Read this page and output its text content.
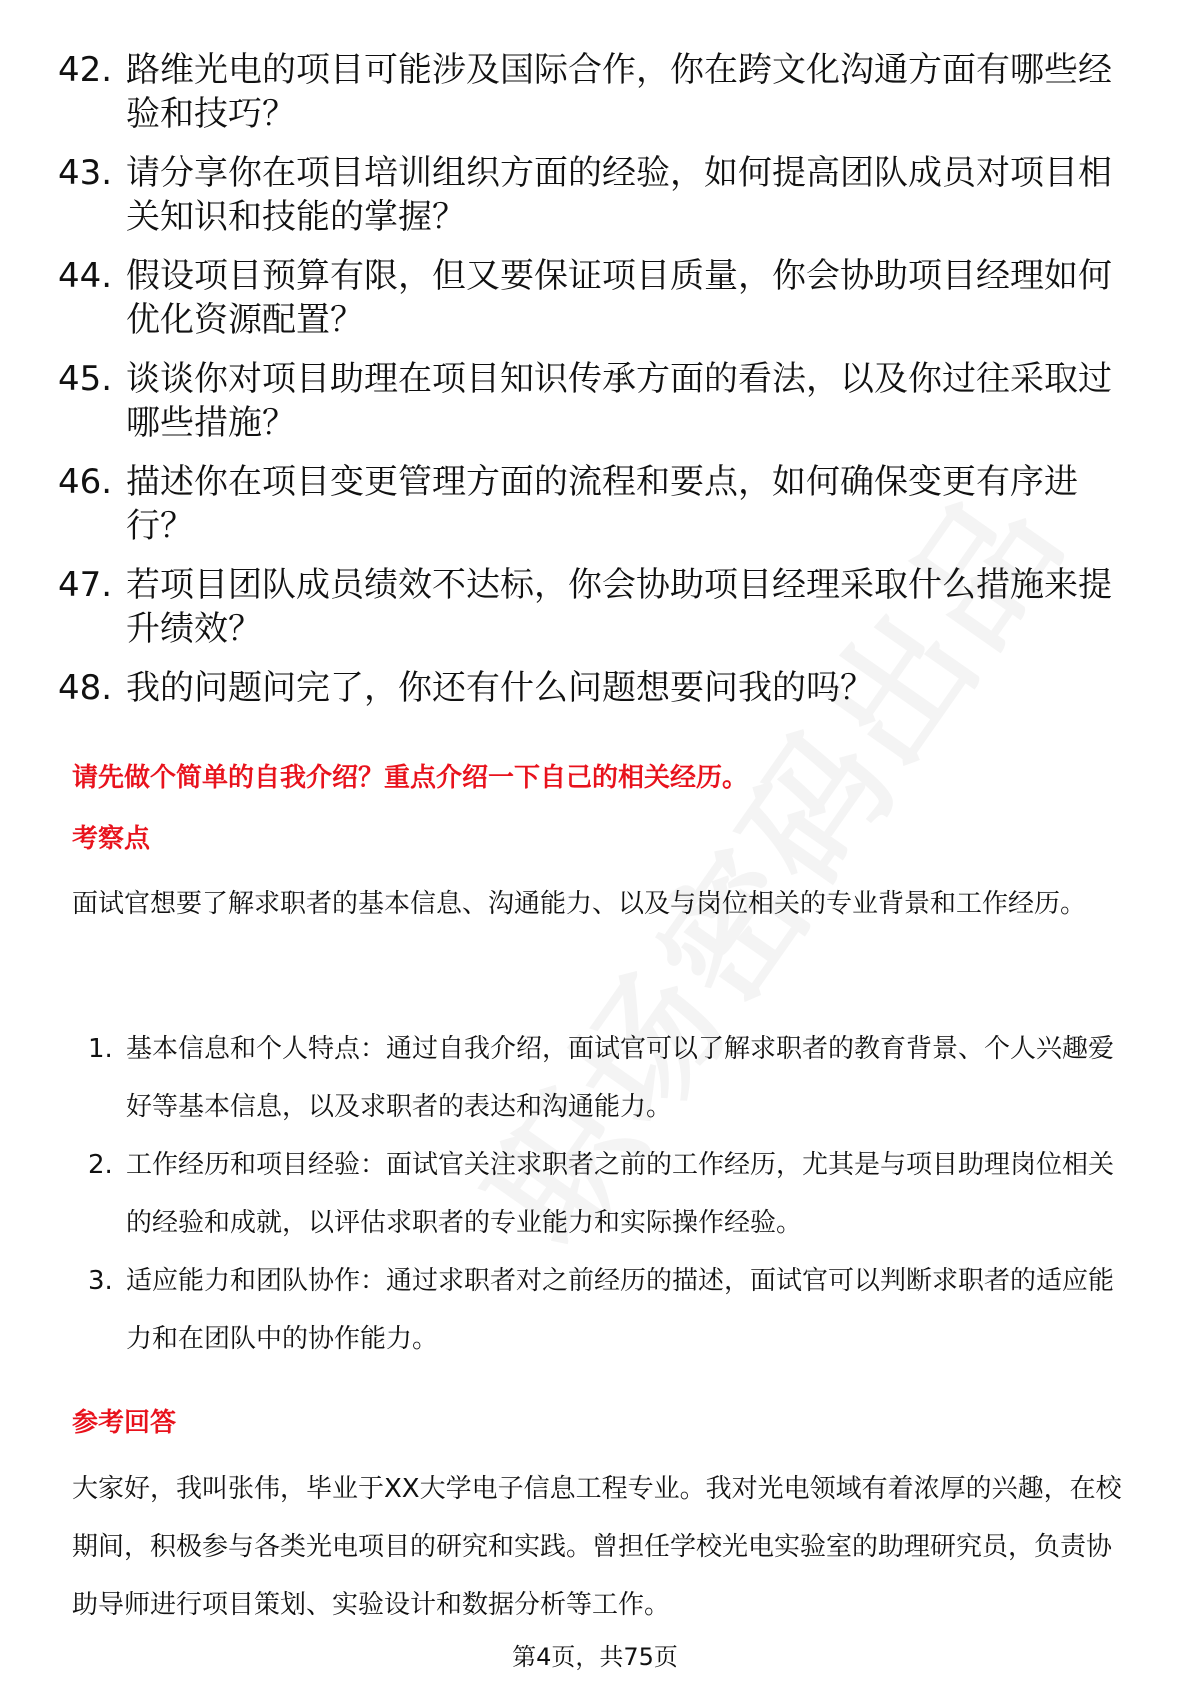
42. 路维光电的项目可能涉及国际合作，你在跨文化沟通方面有哪些经验和技巧？
43. 请分享你在项目培训组织方面的经验，如何提高团队成员对项目相关知识和技能的掌握？
44. 假设项目预算有限，但又要保证项目质量，你会协助项目经理如何优化资源配置？
45. 谈谈你对项目助理在项目知识传承方面的看法，以及你过往采取过哪些措施？
46. 描述你在项目变更管理方面的流程和要点，如何确保变更有序进行？
47. 若项目团队成员绩效不达标，你会协助项目经理采取什么措施来提升绩效？
48. 我的问题问完了，你还有什么问题想要问我的吗？
请先做个简单的自我介绍？重点介绍一下自己的相关经历。
考察点
面试官想要了解求职者的基本信息、沟通能力、以及与岗位相关的专业背景和工作经历。
1. 基本信息和个人特点：通过自我介绍，面试官可以了解求职者的教育背景、个人兴趣爱好等基本信息，以及求职者的表达和沟通能力。
2. 工作经历和项目经验：面试官关注求职者之前的工作经历，尤其是与项目助理岗位相关的经验和成就，以评估求职者的专业能力和实际操作经验。
3. 适应能力和团队协作：通过求职者对之前经历的描述，面试官可以判断求职者的适应能力和在团队中的协作能力。
参考回答
大家好，我叫张伟，毕业于XX大学电子信息工程专业。我对光电领域有着浓厚的兴趣，在校期间，积极参与各类光电项目的研究和实践。曾担任学校光电实验室的助理研究员，负责协助导师进行项目策划、实验设计和数据分析等工作。
第4页，共75页
